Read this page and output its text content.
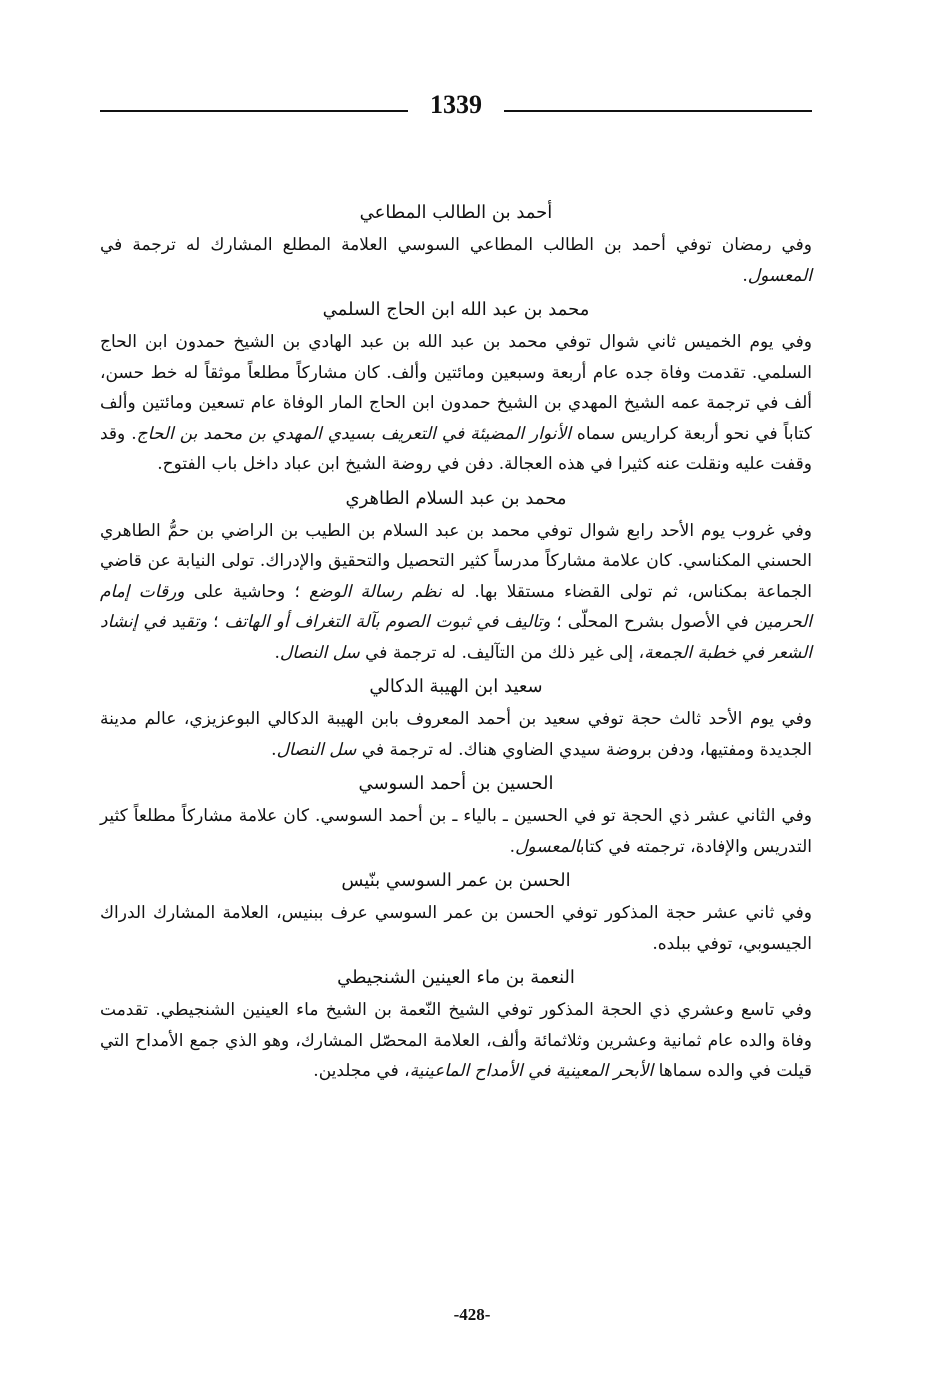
1339
أحمد بن الطالب المطاعي

وفي رمضان توفي أحمد بن الطالب المطاعي السوسي العلامة المطلع المشارك له ترجمة في المعسول.

محمد بن عبد الله ابن الحاج السلمي

وفي يوم الخميس ثاني شوال توفي محمد بن عبد الله بن عبد الهادي بن الشيخ حمدون ابن الحاج السلمي. تقدمت وفاة جده عام أربعة وسبعين ومائتين وألف. كان مشاركاً مطلعاً موثقاً له خط حسن، ألف في ترجمة عمه الشيخ المهدي بن الشيخ حمدون ابن الحاج المار الوفاة عام تسعين ومائتين وألف كتاباً في نحو أربعة كراريس سماه الأنوار المضيئة في التعريف بسيدي المهدي بن محمد بن الحاج. وقد وقفت عليه ونقلت عنه كثيرا في هذه العجالة. دفن في روضة الشيخ ابن عباد داخل باب الفتوح.

محمد بن عبد السلام الطاهري

وفي غروب يوم الأحد رابع شوال توفي محمد بن عبد السلام بن الطيب بن الراضي بن حمُّ الطاهري الحسني المكناسي. كان علامة مشاركاً مدرساً كثير التحصيل والتحقيق والإدراك. تولى النيابة عن قاضي الجماعة بمكناس، ثم تولى القضاء مستقلا بها. له نظم رسالة الوضع ؛ وحاشية على ورقات إمام الحرمين في الأصول بشرح المحلّى ؛ وتاليف في ثبوت الصوم بآلة التغراف أو الهاتف ؛ وتقيد في إنشاد الشعر في خطبة الجمعة، إلى غير ذلك من التآليف. له ترجمة في سل النصال.

سعيد ابن الهيبة الدكالي

وفي يوم الأحد ثالث حجة توفي سعيد بن أحمد المعروف بابن الهيبة الدكالي البوعزيزي، عالم مدينة الجديدة ومفتيها، ودفن بروضة سيدي الضاوي هناك. له ترجمة في سل النصال.

الحسين بن أحمد السوسي

وفي الثاني عشر ذي الحجة تو في الحسين ـ بالياء ـ بن أحمد السوسي. كان علامة مشاركاً مطلعاً كثير التدريس والإفادة، ترجمته في كتابالمعسول.

الحسن بن عمر السوسي بنّيس

وفي ثاني عشر حجة المذكور توفي الحسن بن عمر السوسي عرف ببنيس، العلامة المشارك الدراك الجيسوبي، توفي ببلده.

النعمة بن ماء العينين الشنجيطي

وفي تاسع وعشري ذي الحجة المذكور توفي الشيخ النّعمة بن الشيخ ماء العينين الشنجيطي. تقدمت وفاة والده عام ثمانية وعشرين وثلاثمائة وألف، العلامة المحصّل المشارك، وهو الذي جمع الأمداح التي قيلت في والده سماها الأبحر المعينية في الأمداح الماعينية، في مجلدين.

-428-
